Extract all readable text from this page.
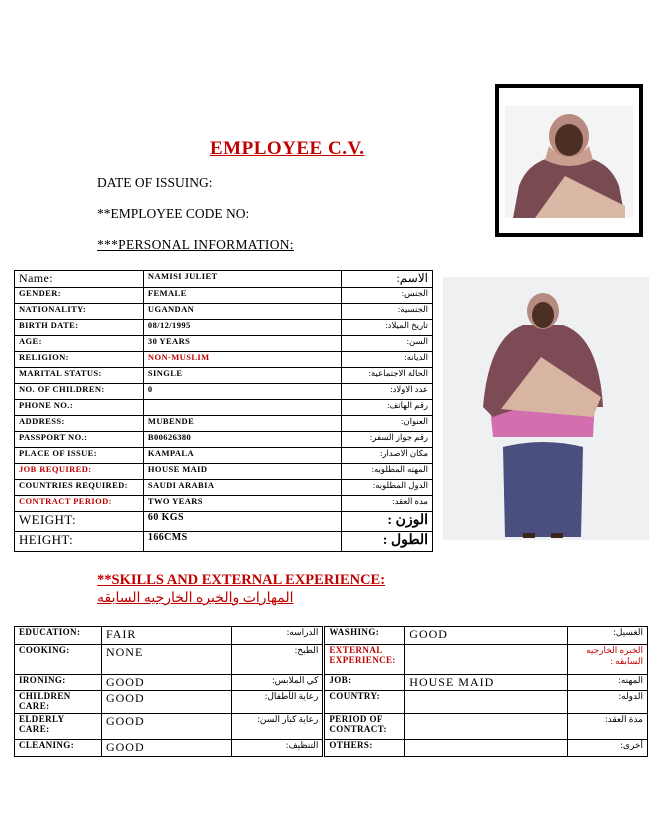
EMPLOYEE C.V.
DATE OF ISSUING:
**EMPLOYEE CODE NO:
***PERSONAL INFORMATION:
Name:	NAMISI JULIET	الاسم:
GENDER:	FEMALE	الجنس:
NATIONALITY:	UGANDAN	الجنسيه:
BIRTH DATE:	08/12/1995	تاريخ الميلاد:
AGE:	30 YEARS	السن:
RELIGION:	NON-MUSLIM	الديانه:
MARITAL STATUS:	SINGLE	الحالة الاجتماعية:
NO. OF CHILDREN:	0	عدد الاولاد:
PHONE NO.:		رقم الهاتف:
ADDRESS:	MUBENDE	العنوان:
PASSPORT NO.:	B00626380	رقم جواز السفر:
PLACE OF ISSUE:	KAMPALA	مكان الاصدار:
JOB REQUIRED:	HOUSE MAID	المهنه المطلوبه:
COUNTRIES REQUIRED:	SAUDI ARABIA	الدول المطلوبه:
CONTRACT PERIOD:	TWO YEARS	مدة العقد:
WEIGHT:	60 KGS	الوزن :
HEIGHT:	166CMS	الطول :
**SKILLS AND EXTERNAL EXPERIENCE:
المهارات والخبره الخارجيه السابقه
EDUCATION:	FAIR	الدراسه:	WASHING:	GOOD	الغسيل:
COOKING:	NONE	الطبخ:	EXTERNAL EXPERIENCE:		الخبره الخارجيه السابقه :
IRONING:	GOOD	كي الملابس:	JOB:	HOUSE MAID	المهنه:
CHILDREN CARE:	GOOD	رعاية الأطفال:	COUNTRY:		الدوله:
ELDERLY CARE:	GOOD	رعاية كبار السن:	PERIOD OF CONTRACT:		مدة العقد:
CLEANING:	GOOD	التنظيف:	OTHERS:		أخرى:
